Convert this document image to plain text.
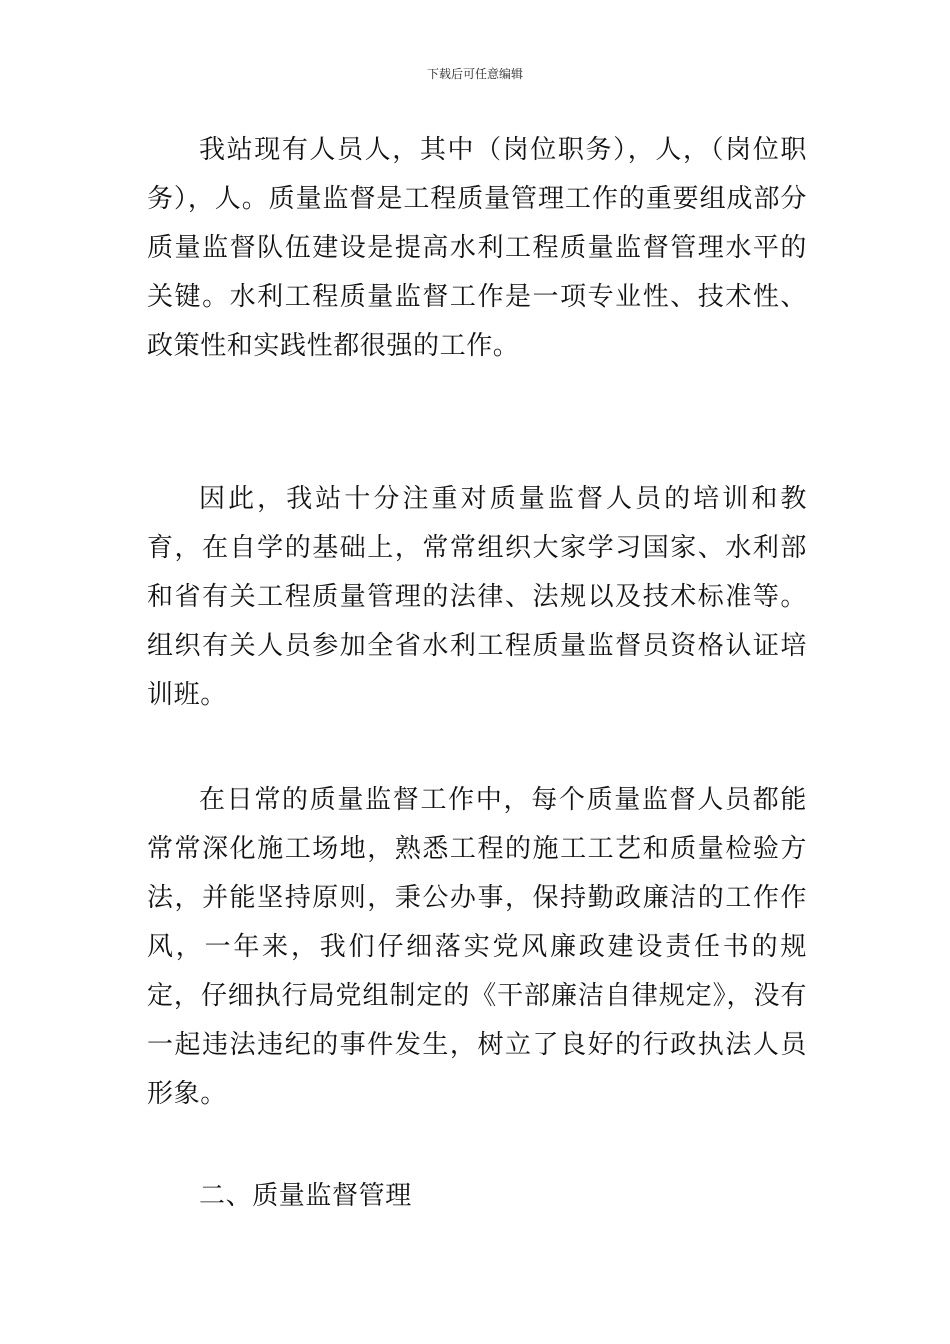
下载后可任意编辑

我站现有人员人，其中（岗位职务），人，（岗位职务），人。质量监督是工程质量管理工作的重要组成部分质量监督队伍建设是提高水利工程质量监督管理水平的关键。水利工程质量监督工作是一项专业性、技术性、政策性和实践性都很强的工作。

因此，我站十分注重对质量监督人员的培训和教育，在自学的基础上，常常组织大家学习国家、水利部和省有关工程质量管理的法律、法规以及技术标准等。组织有关人员参加全省水利工程质量监督员资格认证培训班。

在日常的质量监督工作中，每个质量监督人员都能常常深化施工场地，熟悉工程的施工工艺和质量检验方法，并能坚持原则，秉公办事，保持勤政廉洁的工作作风，一年来，我们仔细落实党风廉政建设责任书的规定，仔细执行局党组制定的《干部廉洁自律规定》，没有一起违法违纪的事件发生，树立了良好的行政执法人员形象。

二、质量监督管理
